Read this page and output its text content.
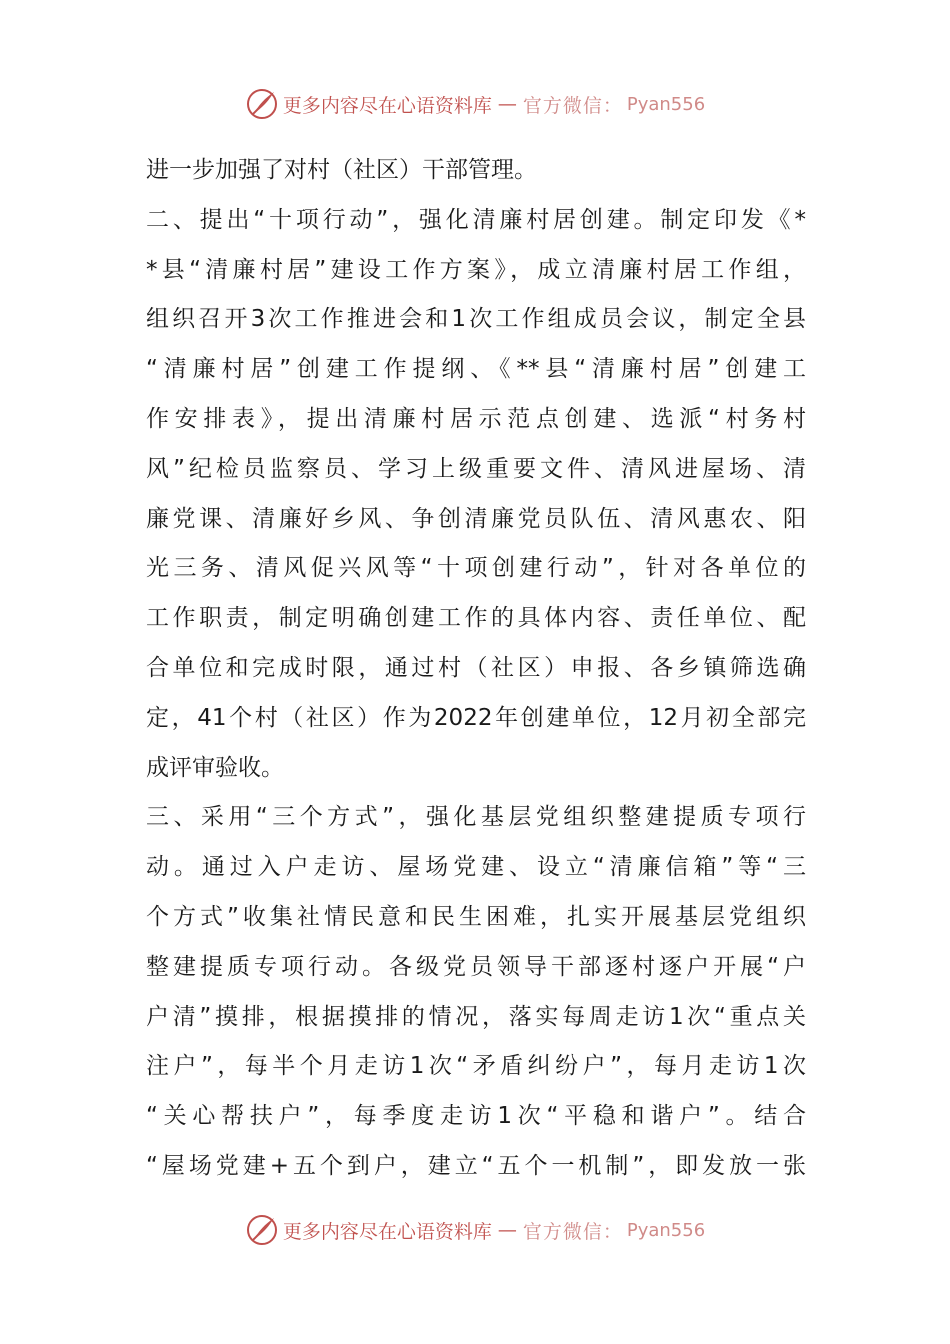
更多内容尽在心语资料库 — 官方微信： Pyan556
进一步加强了对村（社区）干部管理。
二、提出“十项行动”，强化清廉村居创建。制定印发《*
*县“清廉村居”建设工作方案》，成立清廉村居工作组，
组织召开3次工作推进会和1次工作组成员会议，制定全县
“清廉村居”创建工作提纲、《**县“清廉村居”创建工
作安排表》，提出清廉村居示范点创建、选派“村务村
风”纪检员监察员、学习上级重要文件、清风进屋场、清
廉党课、清廉好乡风、争创清廉党员队伍、清风惠农、阳
光三务、清风促兴风等“十项创建行动”，针对各单位的
工作职责，制定明确创建工作的具体内容、责任单位、配
合单位和完成时限，通过村（社区）申报、各乡镇筛选确
定，41个村（社区）作为2022年创建单位，12月初全部完
成评审验收。
三、采用“三个方式”，强化基层党组织整建提质专项行
动。通过入户走访、屋场党建、设立“清廉信箱”等“三
个方式”收集社情民意和民生困难，扎实开展基层党组织
整建提质专项行动。各级党员领导干部逐村逐户开展“户
户清”摸排，根据摸排的情况，落实每周走访1次“重点关
注户”，每半个月走访1次“矛盾纠纷户”，每月走访1次
“关心帮扶户”，每季度走访1次“平稳和谐户”。结合
“屋场党建+五个到户，建立“五个一机制”，即发放一张
更多内容尽在心语资料库 — 官方微信： Pyan556
